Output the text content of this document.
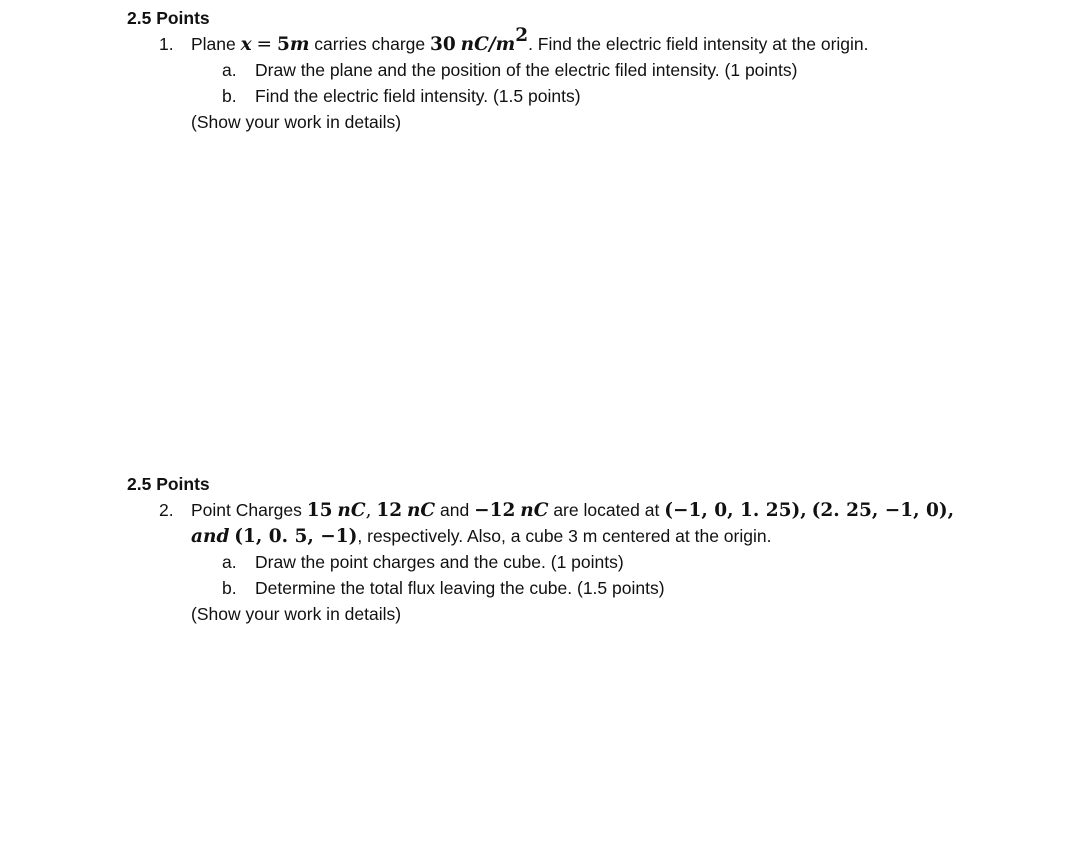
2.5 Points
1. Plane x = 5m carries charge 30 $nC/m^2$. Find the electric field intensity at the origin.
a. Draw the plane and the position of the electric filed intensity. (1 points)
b. Find the electric field intensity. (1.5 points)
(Show your work in details)
2.5 Points
2. Point Charges 15 nC, 12 nC and −12 nC are located at (−1, 0, 1. 25), (2. 25, −1, 0),
and (1, 0. 5, −1), respectively. Also, a cube 3 m centered at the origin.
a. Draw the point charges and the cube. (1 points)
b. Determine the total flux leaving the cube. (1.5 points)
(Show your work in details)
